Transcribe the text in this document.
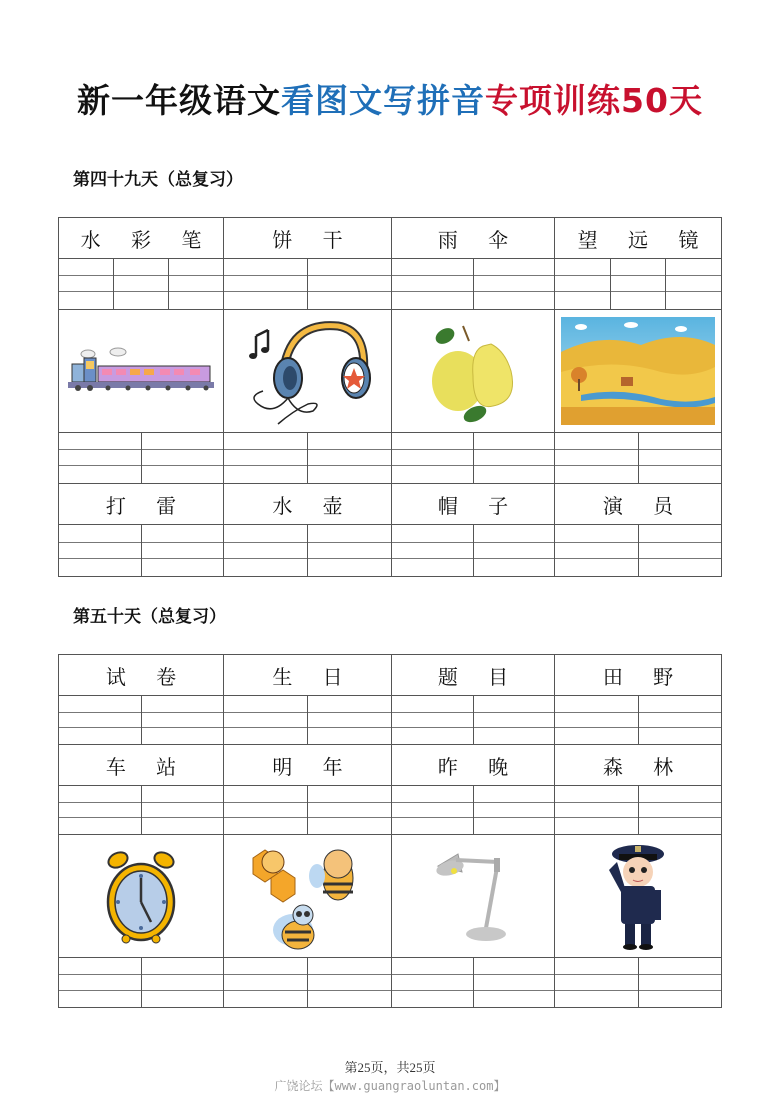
新一年级语文看图文写拼音专项训练50天
第四十九天（总复习）
水 彩 笔	饼 干	雨 伞	望 远 镜
打 雷	水 壶	帽 子	演 员
第五十天（总复习）
试 卷	生 日	题 目	田 野
车 站	明 年	昨 晚	森 林
第25页，共25页
广饶论坛【www.guangraoluntan.com】
